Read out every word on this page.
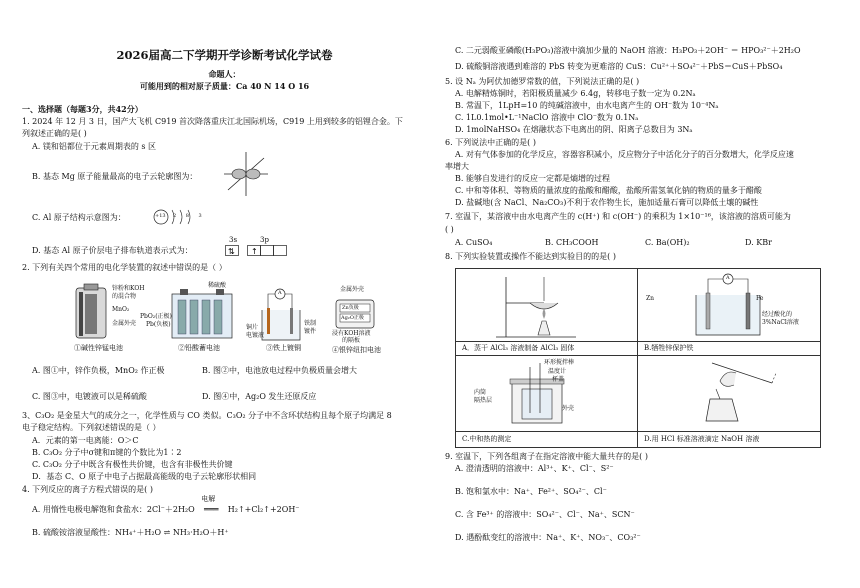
2026届高二下学期开学诊断考试化学试卷
命题人：
可能用到的相对原子质量：Ca 40 N 14 O 16
一、选择题（每题3分，共42分）
1. 2024 年 12 月 3 日，国产大飞机 C919 首次降落重庆江北国际机场，C919 上用到较多的铝锂合金。下
列叙述正确的是( )
A. 镁和铝都位于元素周期表的 s 区
B. 基态 Mg 原子能量最高的电子云轮廓图为：
C. Al 原子结构示意图为：	+13 2 8 3
D. 基态 Al 原子价层电子排布轨道表示式为：
3s	3p
⇅ ↑
2. 下列有关四个常用的电化学装置的叙述中错误的是（ ）
锌粉和KOH
的混合物
MnO₂
金属外壳
①碱性锌锰电池
稀硫酸
PbO₂(正极)
Pb(负极)
②铅酸蓄电池
A
铜片
电镀液
铁制
镀件
③铁上镀铜
金属外壳
Zn负极
Ag₂O正极
浸有KOH溶液
的隔板
④银锌纽扣电池
A. 图①中，锌作负极，MnO₂ 作正极	B. 图②中，电池放电过程中负极质量会增大
C. 图③中，电镀液可以是稀硫酸	D. 图④中，Ag₂O 发生还原反应
3、C₃O₂ 是金星大气的成分之一，化学性质与 CO 类似。C₃O₂ 分子中不含环状结构且每个原子均满足 8
电子稳定结构。下列叙述错误的是（ ）
A．元素的第一电离能：O＞C
B. C₃O₂ 分子中σ键和π键的个数比为1∶2
C. C₃O₂ 分子中既含有极性共价键，也含有非极性共价键
D．基态 C、O 原子中电子占据最高能级的电子云轮廓形状相同
4. 下列反应的离子方程式错误的是( )
A. 用惰性电极电解饱和食盐水：2Cl⁻＋2H₂O
电解
═══ H₂↑+Cl₂↑+2OH⁻
B. 硫酸铵溶液显酸性：NH₄⁺＋H₂O ⇌ NH₃·H₂O＋H⁺
C. 二元弱酸亚磷酸(H₃PO₃)溶液中滴加少量的 NaOH 溶液：H₃PO₃＋2OH⁻ ＝ HPO₃²⁻＋2H₂O
D. 硫酸铜溶液遇到难溶的 PbS 转变为更难溶的 CuS：Cu²⁺＋SO₄²⁻＋PbS＝CuS＋PbSO₄
5. 设 Nₐ 为阿伏加德罗常数的值，下列说法正确的是( )
A. 电解精炼铜时，若阳极质量减少 6.4g，转移电子数一定为 0.2Nₐ
B. 常温下，1LpH=10 的纯碱溶液中，由水电离产生的 OH⁻数为 10⁻⁴Nₐ
C. 1L0.1mol•L⁻¹NaClO 溶液中 ClO⁻数为 0.1Nₐ
D. 1molNaHSO₄ 在熔融状态下电离出的阴、阳离子总数目为 3Nₐ
6. 下列说法中正确的是( )
A. 对有气体参加的化学反应，容器容积减小，反应物分子中活化分子的百分数增大，化学反应速
率增大
B. 能够自发进行的反应一定都是熵增的过程
C. 中和等体积、等物质的量浓度的盐酸和醋酸，盐酸所需氢氧化钠的物质的量多于醋酸
D. 盐碱地(含 NaCl、Na₂CO₃)不利于农作物生长，施加适量石膏可以降低土壤的碱性
7. 室温下，某溶液中由水电离产生的 c(H⁺) 和 c(OH⁻) 的乘积为 1×10⁻¹⁶，该溶液的溶质可能为
( )
A. CuSO₄	B. CH₃COOH	C. Ba(OH)₂	D. KBr
8. 下列实验装置或操作不能达到实验目的的是( )
A．蒸干 AlCl₃ 溶液制备 AlCl₃ 固体
A
Zn	Fe
经过酸化的
3%NaCl溶液
B.牺牲锌保护铁
环形搅拌棒
温度计
杯盖
内筒
隔热层
外壳
C.中和热的测定	D.用 HCl 标准溶液滴定 NaOH 溶液
9. 室温下，下列各组离子在指定溶液中能大量共存的是( )
A. 澄清透明的溶液中：Al³⁺、K⁺、Cl⁻、S²⁻
B. 饱和氯水中：Na⁺、Fe²⁺、SO₄²⁻、Cl⁻
C. 含 Fe³⁺ 的溶液中：SO₄²⁻、Cl⁻、Na⁺、SCN⁻
D. 遇酚酞变红的溶液中：Na⁺、K⁺、NO₃⁻、CO₃²⁻
